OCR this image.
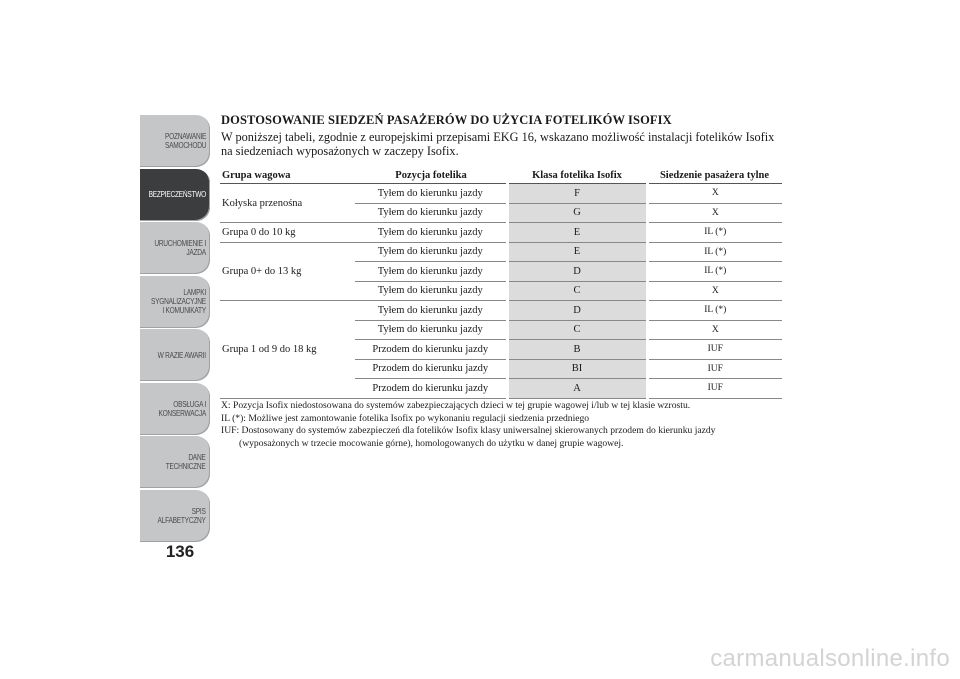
POZNAWANIE
SAMOCHODU
BEZPIECZEŃSTWO
URUCHOMIENIE I
JAZDA
LAMPKI
SYGNALIZACYJNE
I KOMUNIKATY
W RAZIE AWARII
OBSŁUGA I
KONSERWACJA
DANE
TECHNICZNE
SPIS
ALFABETYCZNY
136
DOSTOSOWANIE SIEDZEŃ PASAŻERÓW DO UŻYCIA FOTELIKÓW ISOFIX
W poniższej tabeli, zgodnie z europejskimi przepisami EKG 16, wskazano możliwość instalacji fotelików Isofix na siedzeniach wyposażonych w zaczepy Isofix.
Grupa wagowa	Pozycja fotelika	Klasa fotelika Isofix	Siedzenie pasażera tylne
Kołyska przenośna	Tyłem do kierunku jazdy	F	X
	Tyłem do kierunku jazdy	G	X
Grupa 0 do 10 kg	Tyłem do kierunku jazdy	E	IL (*)
Grupa 0+ do 13 kg	Tyłem do kierunku jazdy	E	IL (*)
	Tyłem do kierunku jazdy	D	IL (*)
	Tyłem do kierunku jazdy	C	X
Grupa 1 od 9 do 18 kg	Tyłem do kierunku jazdy	D	IL (*)
	Tyłem do kierunku jazdy	C	X
	Przodem do kierunku jazdy	B	IUF
	Przodem do kierunku jazdy	BI	IUF
	Przodem do kierunku jazdy	A	IUF

X: Pozycja Isofix niedostosowana do systemów zabezpieczających dzieci w tej grupie wagowej i/lub w tej klasie wzrostu.

IL (*): Możliwe jest zamontowanie fotelika Isofix po wykonaniu regulacji siedzenia przedniego

IUF: Dostosowany do systemów zabezpieczeń dla fotelików Isofix klasy uniwersalnej skierowanych przodem do kierunku jazdy

(wyposażonych w trzecie mocowanie górne), homologowanych do użytku w danej grupie wagowej.

carmanualsonline.info
